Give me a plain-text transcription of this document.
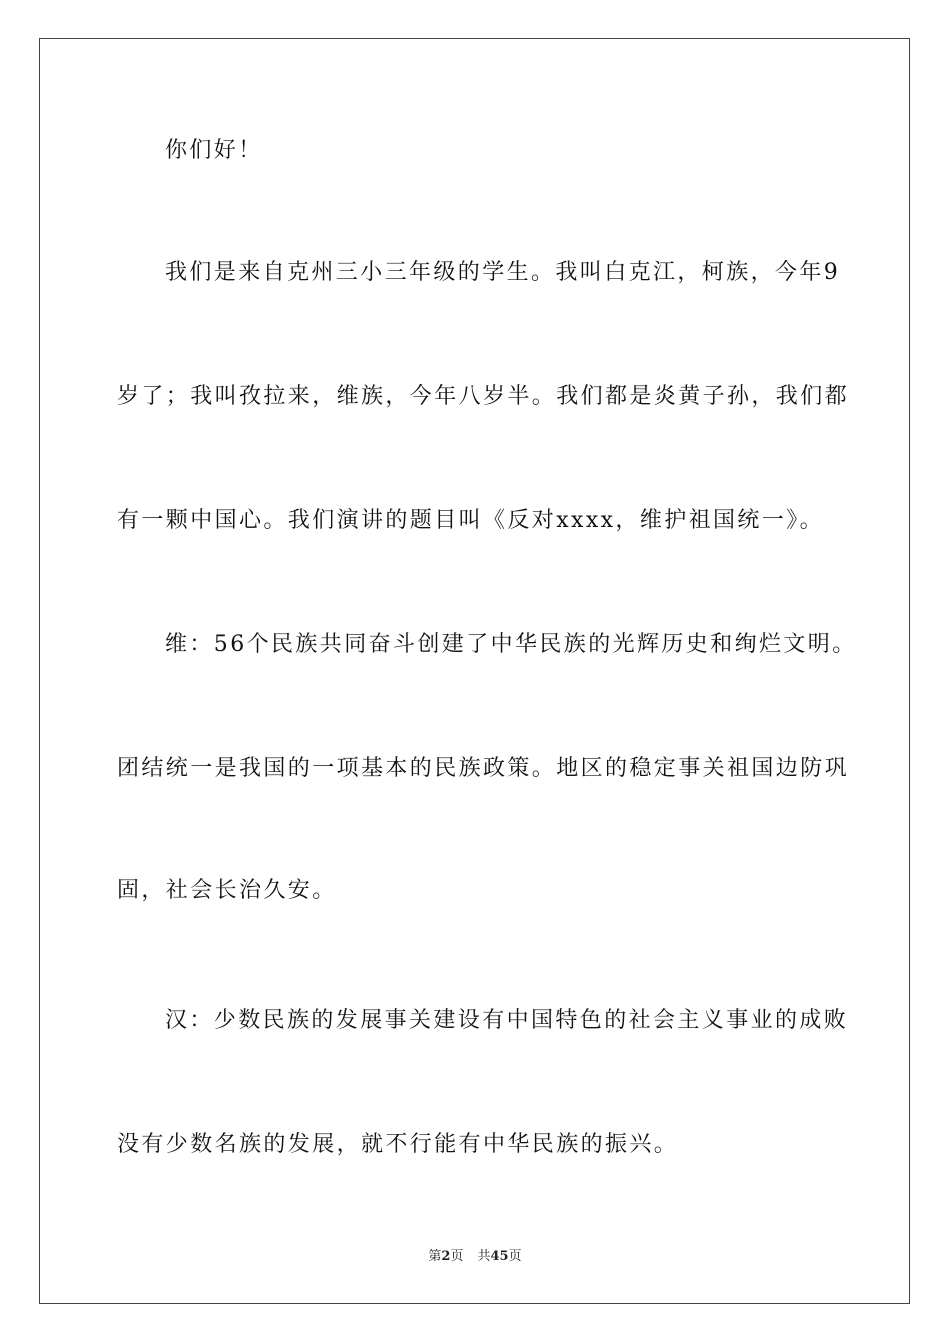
你们好！
我们是来自克州三小三年级的学生。我叫白克江，柯族，今年9
岁了；我叫孜拉来，维族，今年八岁半。我们都是炎黄子孙，我们都
有一颗中国心。我们演讲的题目叫《反对xxxx，维护祖国统一》。
维：56个民族共同奋斗创建了中华民族的光辉历史和绚烂文明。
团结统一是我国的一项基本的民族政策。地区的稳定事关祖国边防巩
固，社会长治久安。
汉：少数民族的发展事关建设有中国特色的社会主义事业的成败
没有少数名族的发展，就不行能有中华民族的振兴。
第2页 共45页
